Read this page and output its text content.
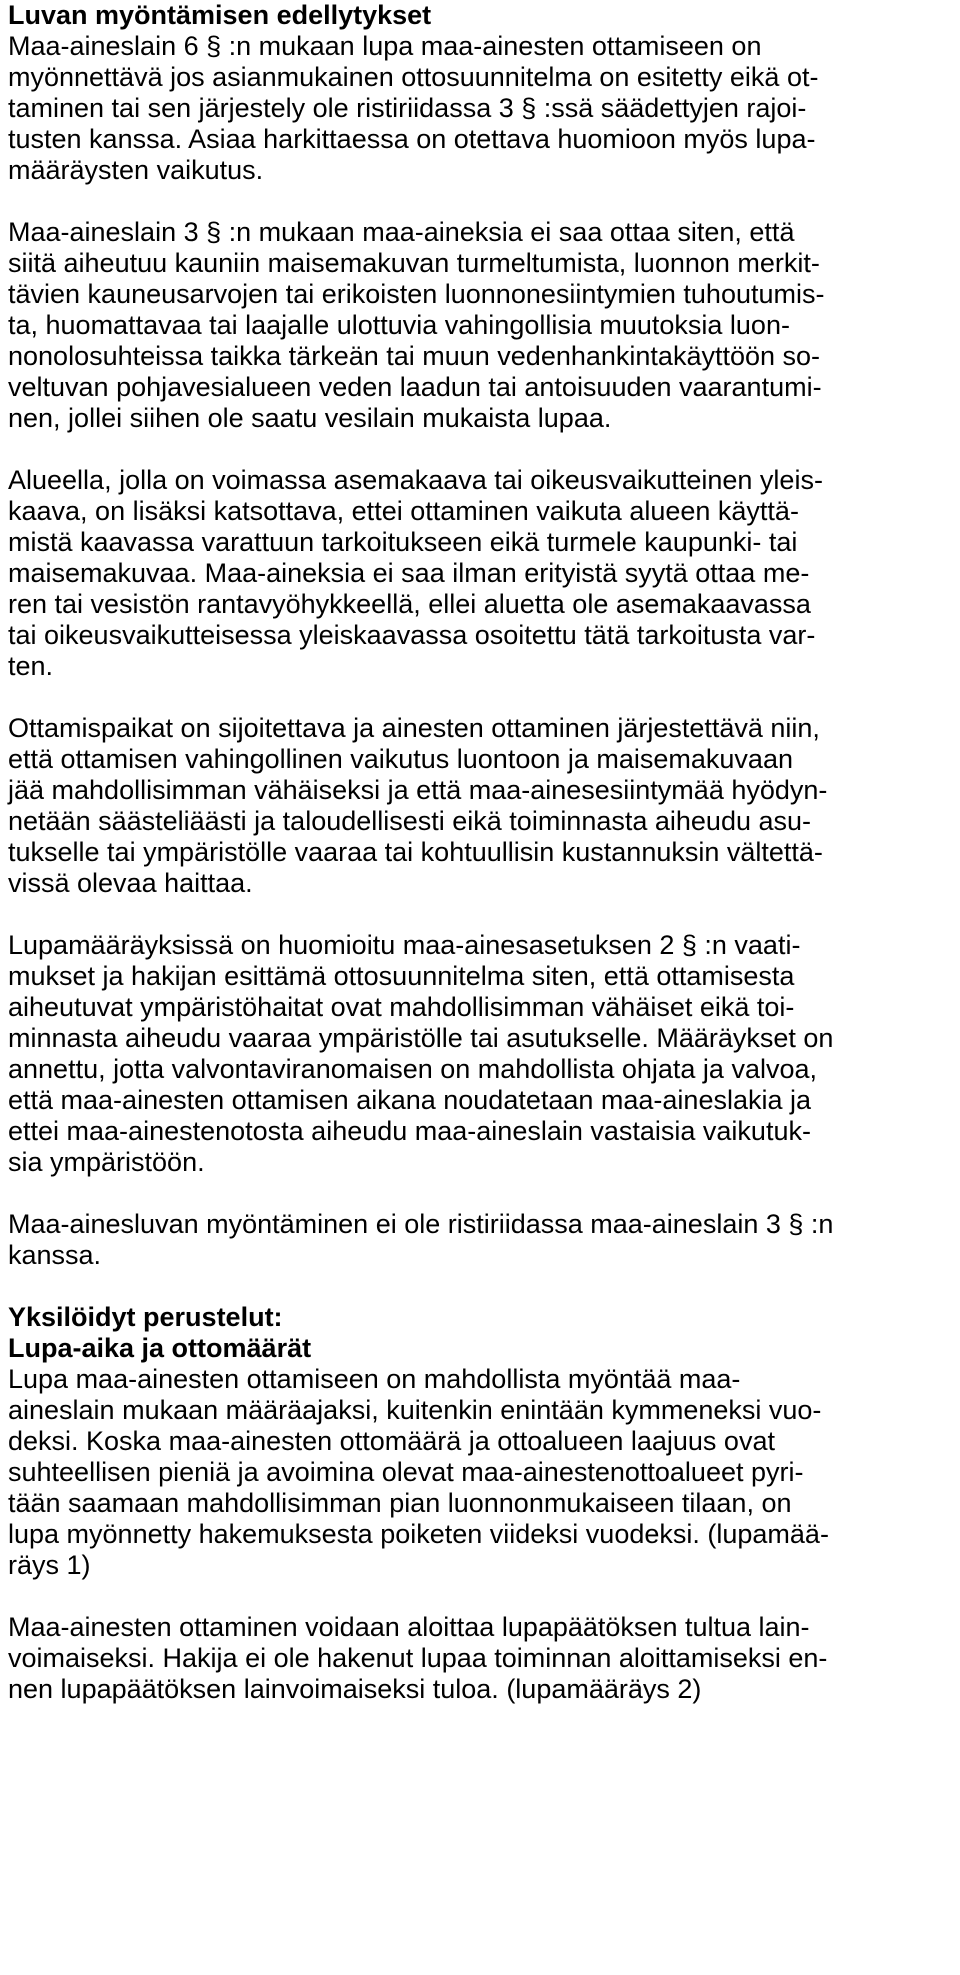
Luvan myöntämisen edellytykset
Maa-aineslain 6 § :n mukaan lupa maa-ainesten ottamiseen on
myönnettävä jos asianmukainen ottosuunnitelma on esitetty eikä ot-
taminen tai sen järjestely ole ristiriidassa 3 § :ssä säädettyjen rajoi-
tusten kanssa. Asiaa harkittaessa on otettava huomioon myös lupa-
määräysten vaikutus.
Maa-aineslain 3 § :n mukaan maa-aineksia ei saa ottaa siten, että
siitä aiheutuu kauniin maisemakuvan turmeltumista, luonnon merkit-
tävien kauneusarvojen tai erikoisten luonnonesiintymien tuhoutumis-
ta, huomattavaa tai laajalle ulottuvia vahingollisia muutoksia luon-
nonolosuhteissa taikka tärkeän tai muun vedenhankintakäyttöön so-
veltuvan pohjavesialueen veden laadun tai antoisuuden vaarantumi-
nen, jollei siihen ole saatu vesilain mukaista lupaa.
Alueella, jolla on voimassa asemakaava tai oikeusvaikutteinen yleis-
kaava, on lisäksi katsottava, ettei ottaminen vaikuta alueen käyttä-
mistä kaavassa varattuun tarkoitukseen eikä turmele kaupunki- tai
maisemakuvaa. Maa-aineksia ei saa ilman erityistä syytä ottaa me-
ren tai vesistön rantavyöhykkeellä, ellei aluetta ole asemakaavassa
tai oikeusvaikutteisessa yleiskaavassa osoitettu tätä tarkoitusta var-
ten.
Ottamispaikat on sijoitettava ja ainesten ottaminen järjestettävä niin,
että ottamisen vahingollinen vaikutus luontoon ja maisemakuvaan
jää mahdollisimman vähäiseksi ja että maa-ainesesiintymää hyödyn-
netään säästeliäästi ja taloudellisesti eikä toiminnasta aiheudu asu-
tukselle tai ympäristölle vaaraa tai kohtuullisin kustannuksin vältettä-
vissä olevaa haittaa.
Lupamääräyksissä on huomioitu maa-ainesasetuksen 2 § :n vaati-
mukset ja hakijan esittämä ottosuunnitelma siten, että ottamisesta
aiheutuvat ympäristöhaitat ovat mahdollisimman vähäiset eikä toi-
minnasta aiheudu vaaraa ympäristölle tai asutukselle. Määräykset on
annettu, jotta valvontaviranomaisen on mahdollista ohjata ja valvoa,
että maa-ainesten ottamisen aikana noudatetaan maa-aineslakia ja
ettei maa-ainestenotosta aiheudu maa-aineslain vastaisia vaikutuk-
sia ympäristöön.
Maa-ainesluvan myöntäminen ei ole ristiriidassa maa-aineslain 3 § :n
kanssa.
Yksilöidyt perustelut:
Lupa-aika ja ottomäärät
Lupa maa-ainesten ottamiseen on mahdollista myöntää maa-
aineslain mukaan määräajaksi, kuitenkin enintään kymmeneksi vuo-
deksi. Koska maa-ainesten ottomäärä ja ottoalueen laajuus ovat
suhteellisen pieniä ja avoimina olevat maa-ainestenottoalueet pyri-
tään saamaan mahdollisimman pian luonnonmukaiseen tilaan, on
lupa myönnetty hakemuksesta poiketen viideksi vuodeksi. (lupamää-
räys 1)
Maa-ainesten ottaminen voidaan aloittaa lupapäätöksen tultua lain-
voimaiseksi. Hakija ei ole hakenut lupaa toiminnan aloittamiseksi en-
nen lupapäätöksen lainvoimaiseksi tuloa. (lupamääräys 2)
